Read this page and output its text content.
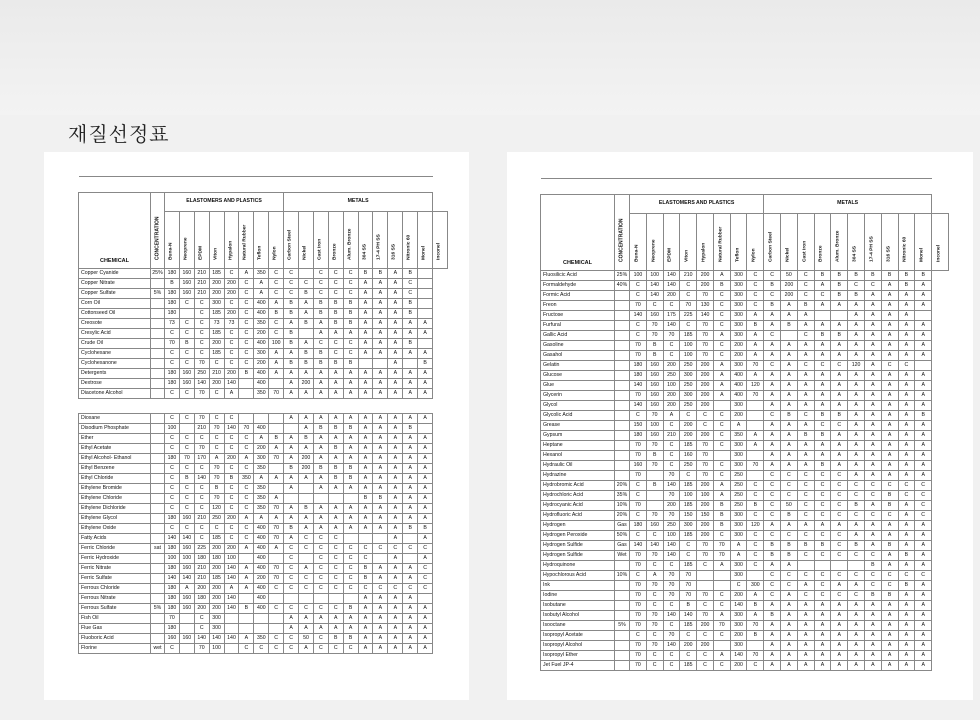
재질선정표

CHEMICAL	CONCENTRATION	ELASTOMERS AND PLASTICS								METALS										

		Buna-N	Neoprene	EPDM	Viton	Hypalon	Natural Rubber	Teflon	Nylon	Carbon Steel	Nickel	Cast Iron	Bronze	Alum. Bronze	304 SS	17-4 PH SS	316 SS	Nitronic 60	Monel	Inconel

Copper Cyanide	25%	180	160	210	185	C	A	350	C	C		C	C	C	B	B	A	B		
Copper Nitrate		B	160	210	200	200	C	A	C	C	C	C	C	C	A	A	A	C		
Copper Sulfate	5%	180	160	210	200	200	C	A	C	C	B	C	C	C	A	A	A	C		
Corn Oil		180	C	C	300	C	C	400	A	B	A	B	B	B	A	A	A	B		
Cottonseed Oil		180		C	185	200	C	400	B	B	A	B	B	B	A	A	A	B		
Creosote		73	C	C	73	73	C	350	C	A	B	A	B	B	A	A	A	A	A	
Cresylic Acid		C	C	C	185	C	C	200	C	B		A	A	A	A	A	A	A	A	
Crude Oil		70	B	C	200	C	C	400	100	B	A	C	C	C	A	A	A	B		
Cyclohexane		C	C	C	185	C	C	300	A	A	B	B	C	C	A	A	A	A	A	
Cyclohexanone		C	C	70	C	C	C	200	A	B	B	B	B	B			A		B	
Detergents		180	160	250	210	200	B	400	A	A	A	A	A	A	A	A	A	A	A	
Dextrose		180	160	140	200	140		400		A	200	A	A	A	A	A	A	A	A	
Diacetone Alcohol		C	C	70	C	A		350	70	A	A	A	A	A	A	A	A	A	A	

Dioxane		C	C	70	C	C				A	A	A	A	A	A	A	A	A	A	
Disodium Phosphate		100		210	70	140	70	400			A	B	B	B	A	A	A	B		
Ether		C	C	C	C	C	C	A	B	A	B	A	A	A	A	A	A	A	A	
Ethyl Acetate		C	C	70	C	C	C	200	A	A	A	A	B	A	A	A	A	A	A	
Ethyl Alcohol- Ethanol		180	70	170	A	200	A	300	70	A	200	A	A	A	A	A	A	A	A	
Ethyl Benzene		C	C	C	70	C	C	350		B	200	B	B	B	A	A	A	A	A	
Ethyl Chloride		C	B	140	70	B	350	A	A	A	A	A	B	B	A	A	A	A	A	
Ethylene Bromide		C	C	C	B	C	C	350		A		A	A	A	A	A	A	A	A	
Ethylene Chloride		C	C	C	70	C	C	350	A						B	B	A	A	A	
Ethylene Dichloride		C	C	C	120	C	C	350	70	A	B	A	A	A	A	A	A	A	A	
Ethylene Glycol		180	160	210	250	200	A	A	A	A	A	A	A	A	A	A	A	A	A	
Ethylene Oxide		C	C	C	C	C	C	400	70	B	A	A	A	A	A	A	A	B	B	
Fatty Acids		140	140	C	185	C	C	400	70	A	C	C	C				A		A	
Ferric Chloride	sat	180	160	225	200	200	A	400	A	C	C	C	C	C	C	C	C	C	C	
Ferric Hydroxide		100	100	180	180	100		400		C		C	C	C	C		A		A	
Ferric Nitrate		180	160	210	200	140	A	400	70	C	A	C	C	C	B	A	A	A	C	
Ferric Sulfate		140	140	210	185	140	A	200	70	C	C	C	C	C	B	A	A	A	C	
Ferrous Chloride		180	A	200	200	A	A	400	C	C	C	C	C	C	C	C	C	C	C	
Ferrous Nitrate		180	160	180	200	140		400							A	A	A	A		
Ferrous Sulfate	5%	180	160	200	200	140	B	400	C	C	C	C	C	B	A	A	A	A	A	
Fish Oil		70		C	300					A	A	A	A	A	A	A	A	A	A	
Flue Gas		180		C	300					A	A	A	A	A	A	A	A	A	A	
Fluoboric Acid		160	160	140	140	140	A	350	C	C	50	C	B	B	A	A	A	A	A	
Florine	wet	C		70	100		C	C	C	C	A	C	C	C	A	A	A	A	A	

CHEMICAL	CONCENTRATION	ELASTOMERS AND PLASTICS								METALS										

		Buna-N	Neoprene	EPDM	Viton	Hypalon	Natural Rubber	Teflon	Nylon	Carbon Steel	Nickel	Cast Iron	Bronze	Alum. Bronze	304 SS	17-4 PH SS	316 SS	Nitronic 60	Monel	Inconel

Fluosilicic Acid	25%	100	100	140	210	200	A	300	C	C	50	C	B	B	B	B	B	B	B	
Formaldehyde	40%	C	140	140	C	200	B	300	C	B	200	C	A	B	C	C	A	B	A	
Formic Acid		C	140	200	C	70	C	300	C	C	200	C	C	B	B	A	A	A	A	
Freon		70	C	C	70	130	C	300	C	B	A	B	A	A	A	A	A	A	A	
Fructose		140	160	175	225	140	C	300	A	A	A	A			A	A	A	A		
Furfural		C	70	140	C	70	C	300	B	A	B	A	A	A	A	A	A	A	A	
Gallic Acid		C	70	70	185	70	A	300	A	C		C	B	B	A	A	A	A	A	
Gasoline		70	B	C	100	70	C	200	A	A	A	A	A	A	A	A	A	A	A	
Gasahol		70	B	C	100	70	C	200	A	A	A	A	A	A	A	A	A	A	A	
Gelatin		180	160	200	250	200	A	300	70	C	A	C	C	C	120	A	C	C		
Glucose		180	160	250	300	200	A	400	A	A	A	A	A	A	A	A	A	A	A	
Glue		140	160	100	250	200	A	400	120	A	A	A	A	A	A	A	A	A	A	
Glycerin		70	160	200	300	200	A	400	70	A	A	A	A	A	A	A	A	A	A	
Glycol		140	160	200	250	200		300		A	A	A	A	A	A	A	A	A	A	
Glycolic Acid		C	70	A	C	C	C	200		C	B	C	B	B	A	A	A	A	B	
Grease		150	100	C	200	C	C	A		A	A	A	C	C	A	A	A	A	A	
Gypsum		180	160	210	200	200	C	350	A	A	A	B	B	A	A	A	A	A	A	
Heptane		70	70	C	185	70	C	300	A	A	A	A	A	A	A	A	A	A	A	
Hexanol		70	B	C	160	70		300		A	A	A	A	A	A	A	A	A	A	
Hydraulic Oil		160	70	C	250	70	C	300	70	A	A	A	B	A	A	A	A	A	A	
Hydrazine		70		70	C	70	C	250		C	C	C	C	C	A	A	A	A	A	
Hydrobromic Acid	20%	C	B	140	185	200	A	250	C	C	C	C	C	C	C	C	C	C	C	
Hydrochloric Acid	35%	C		70	100	100	A	250	C	C	C	C	C	C	C	C	B	C	C	
Hydrocyanic Acid	10%	70		200	185	200	B	250	B	C	50	C	C	C	B	A	B	A	C	
Hydrofluoric Acid	20%	C	70	70	150	150	B	300	C	C	B	C	C	C	C	C	C	A	C	
Hydrogen	Gas	180	160	250	300	200	B	300	120	A	A	A	A	A	A	A	A	A	A	
Hydrogen Peroxide	50%	C	C	100	185	200	C	300	C	C	C	C	C	C	A	A	A	A	A	
Hydrogen Sulfide	Gas	140	140	140	C	70	70	A	C	B	B	B	B	C	B	A	B	A	A	
Hydrogen Sulfide	Wet	70	70	140	C	70	70	A	C	B	B	C	C	C	C	C	A	B	A	
Hydroquinone		70	C	C	185	C	A	300	C	A	A					B	A	A	A	
Hypochlorous Acid	10%	C	A	70	70			300		C	C	C	C	C	C	C	C	C	C	
Ink		70	70	70	70			C	300	C	C	A	C	A	A	C	C	B	A	
Iodine		70	C	70	70	70	C	200	A	C	A	C	C	C	C	B	B	A	A	
Isobutane		70	C	C	B	C	C	140	B	A	A	A	A	A	A	A	A	A	A	
Isobutyl Alcohol		70	70	140	140	70	A	300	A	B	A	A	A	A	A	A	A	A	A	
Isooctane	5%	70	70	C	185	200	70	300	70	A	A	A	A	A	A	A	A	A	A	
Isopropyl Acetate		C	C	70	C	C	C	200	B	A	A	A	A	A	A	A	A	A	A	
Isopropyl Alcohol		70	70	140	200	200		300		A	A	A	A	A	A	A	A	A	A	
Isopropyl Ether		70	C	C	C	C	A	140	70	A	A	A	A	A	A	A	A	A	A	
Jet Fuel JP-4		70	C	C	185	C	C	200	C	A	A	A	A	A	A	A	A	A	A	
